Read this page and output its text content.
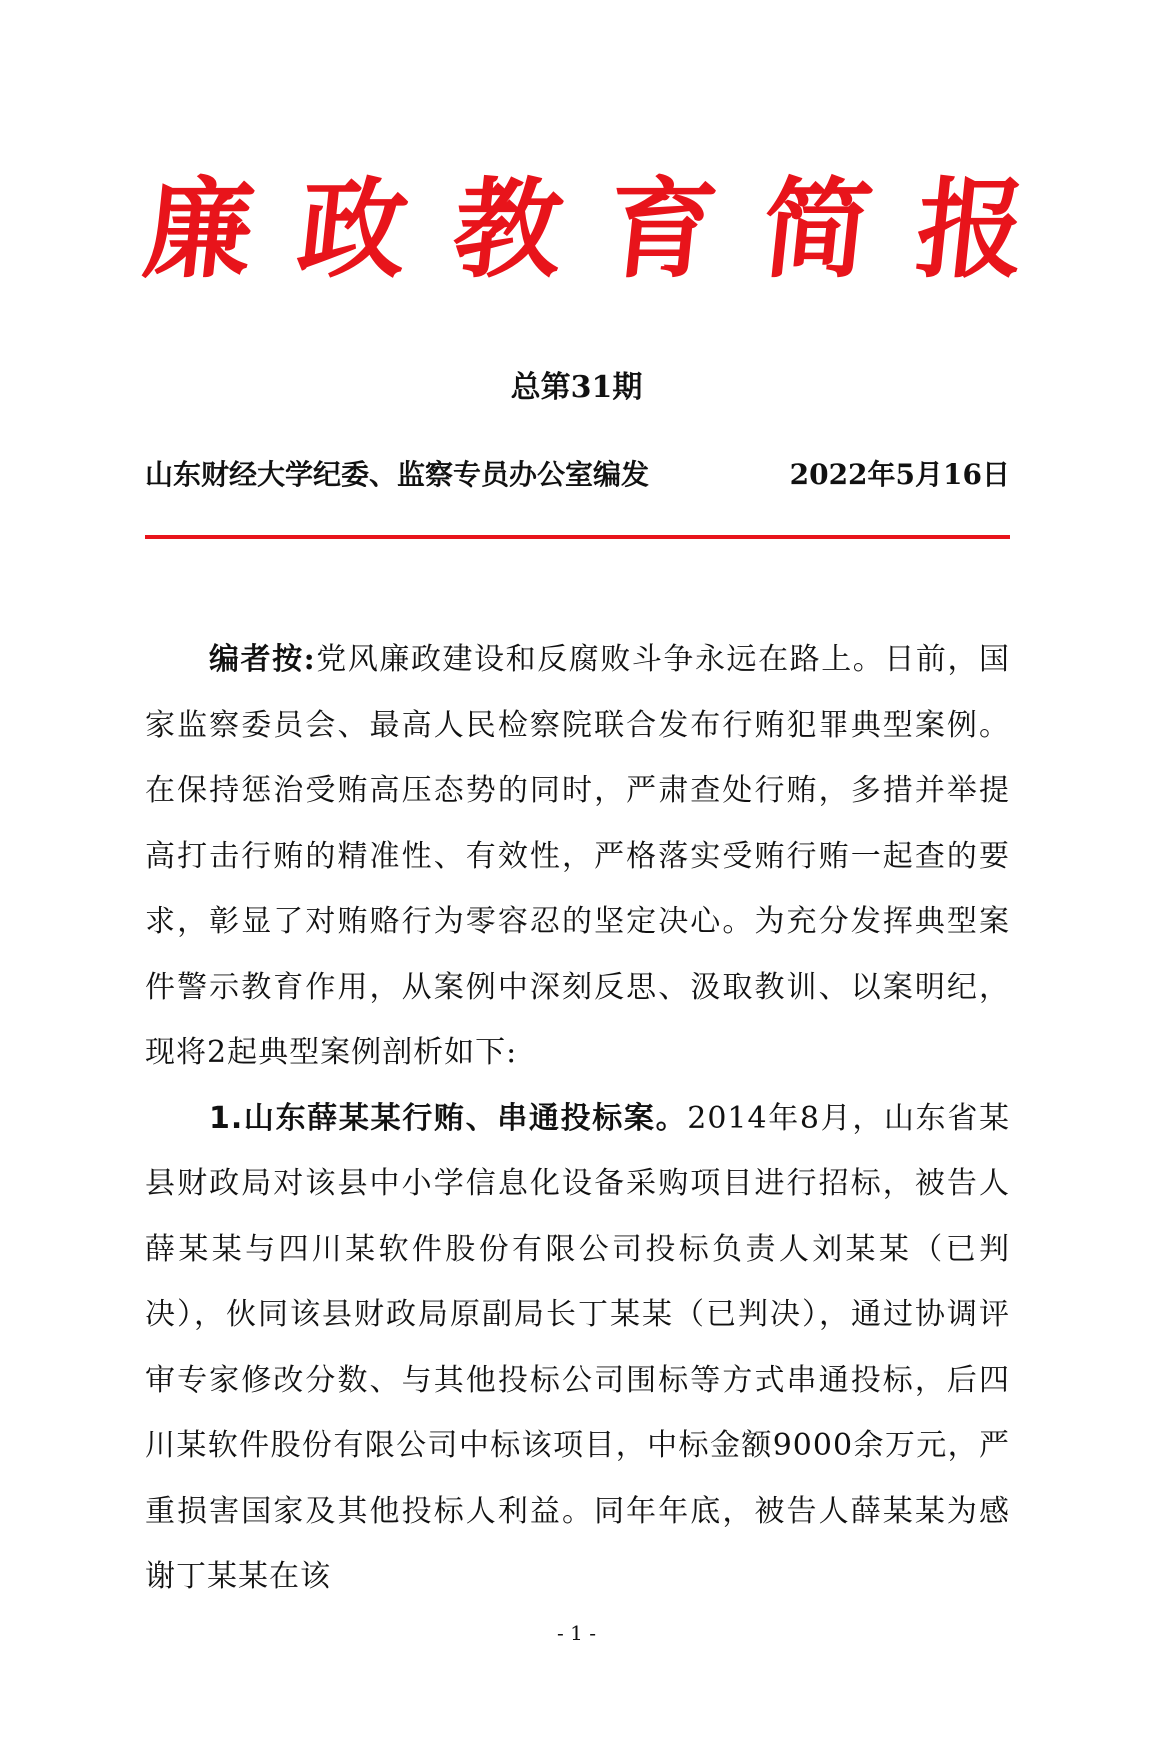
廉 政 教 育 简 报
总第31期
山东财经大学纪委、监察专员办公室编发	2022年5月16日

编者按:党风廉政建设和反腐败斗争永远在路上。日前，国家监察委员会、最高人民检察院联合发布行贿犯罪典型案例。在保持惩治受贿高压态势的同时，严肃查处行贿，多措并举提高打击行贿的精准性、有效性，严格落实受贿行贿一起查的要求，彰显了对贿赂行为零容忍的坚定决心。为充分发挥典型案件警示教育作用，从案例中深刻反思、汲取教训、以案明纪，现将2起典型案例剖析如下:

1.山东薛某某行贿、串通投标案。2014年8月，山东省某县财政局对该县中小学信息化设备采购项目进行招标，被告人薛某某与四川某软件股份有限公司投标负责人刘某某（已判决），伙同该县财政局原副局长丁某某（已判决），通过协调评审专家修改分数、与其他投标公司围标等方式串通投标，后四川某软件股份有限公司中标该项目，中标金额9000余万元，严重损害国家及其他投标人利益。同年年底，被告人薛某某为感谢丁某某在该

- 1 -
